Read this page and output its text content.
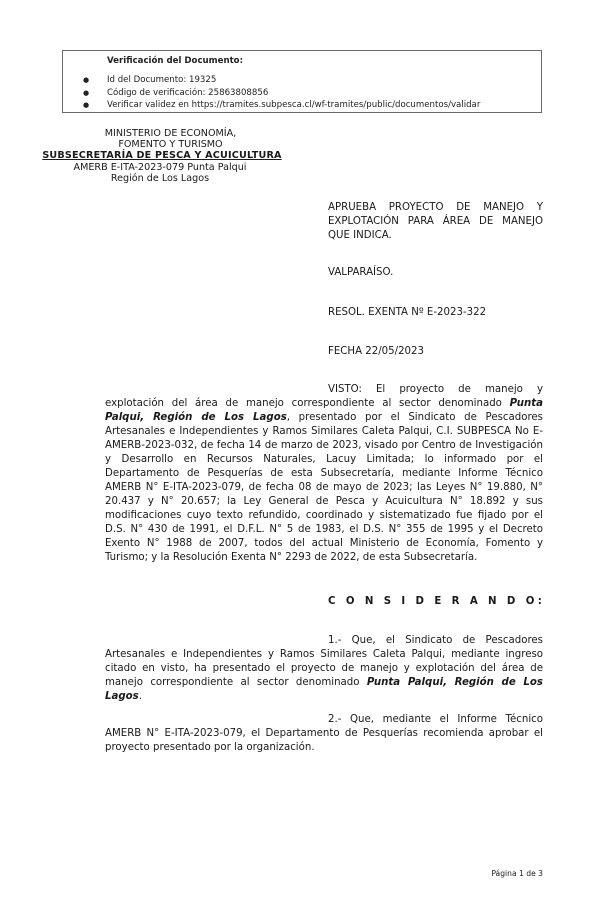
Verificación del Documento:
● Id del Documento: 19325
● Código de verificación: 25863808856
● Verificar validez en https://tramites.subpesca.cl/wf-tramites/public/documentos/validar
MINISTERIO DE ECONOMÍA,
FOMENTO Y TURISMO
SUBSECRETARÍA DE PESCA Y ACUICULTURA
AMERB E-ITA-2023-079 Punta Palqui
Región de Los Lagos
APRUEBA PROYECTO DE MANEJO Y EXPLOTACIÓN PARA ÁREA DE MANEJO QUE INDICA.
VALPARAÍSO.
RESOL. EXENTA Nº E-2023-322
FECHA 22/05/2023

VISTO: El proyecto de manejo y explotación del área de manejo correspondiente al sector denominado Punta Palqui, Región de Los Lagos, presentado por el Sindicato de Pescadores Artesanales e Independientes y Ramos Similares Caleta Palqui, C.I. SUBPESCA No E-AMERB-2023-032, de fecha 14 de marzo de 2023, visado por Centro de Investigación y Desarrollo en Recursos Naturales, Lacuy Limitada; lo informado por el Departamento de Pesquerías de esta Subsecretaría, mediante Informe Técnico AMERB N° E-ITA-2023-079, de fecha 08 de mayo de 2023; las Leyes N° 19.880, N° 20.437 y N° 20.657; la Ley General de Pesca y Acuicultura N° 18.892 y sus modificaciones cuyo texto refundido, coordinado y sistematizado fue fijado por el D.S. N° 430 de 1991, el D.F.L. N° 5 de 1983, el D.S. N° 355 de 1995 y el Decreto Exento N° 1988 de 2007, todos del actual Ministerio de Economía, Fomento y Turismo; y la Resolución Exenta N° 2293 de 2022, de esta Subsecretaría.

C O N S I D E R A N D O:

1.- Que, el Sindicato de Pescadores Artesanales e Independientes y Ramos Similares Caleta Palqui, mediante ingreso citado en visto, ha presentado el proyecto de manejo y explotación del área de manejo correspondiente al sector denominado Punta Palqui, Región de Los Lagos.

2.- Que, mediante el Informe Técnico AMERB N° E-ITA-2023-079, el Departamento de Pesquerías recomienda aprobar el proyecto presentado por la organización.

Página 1 de 3
